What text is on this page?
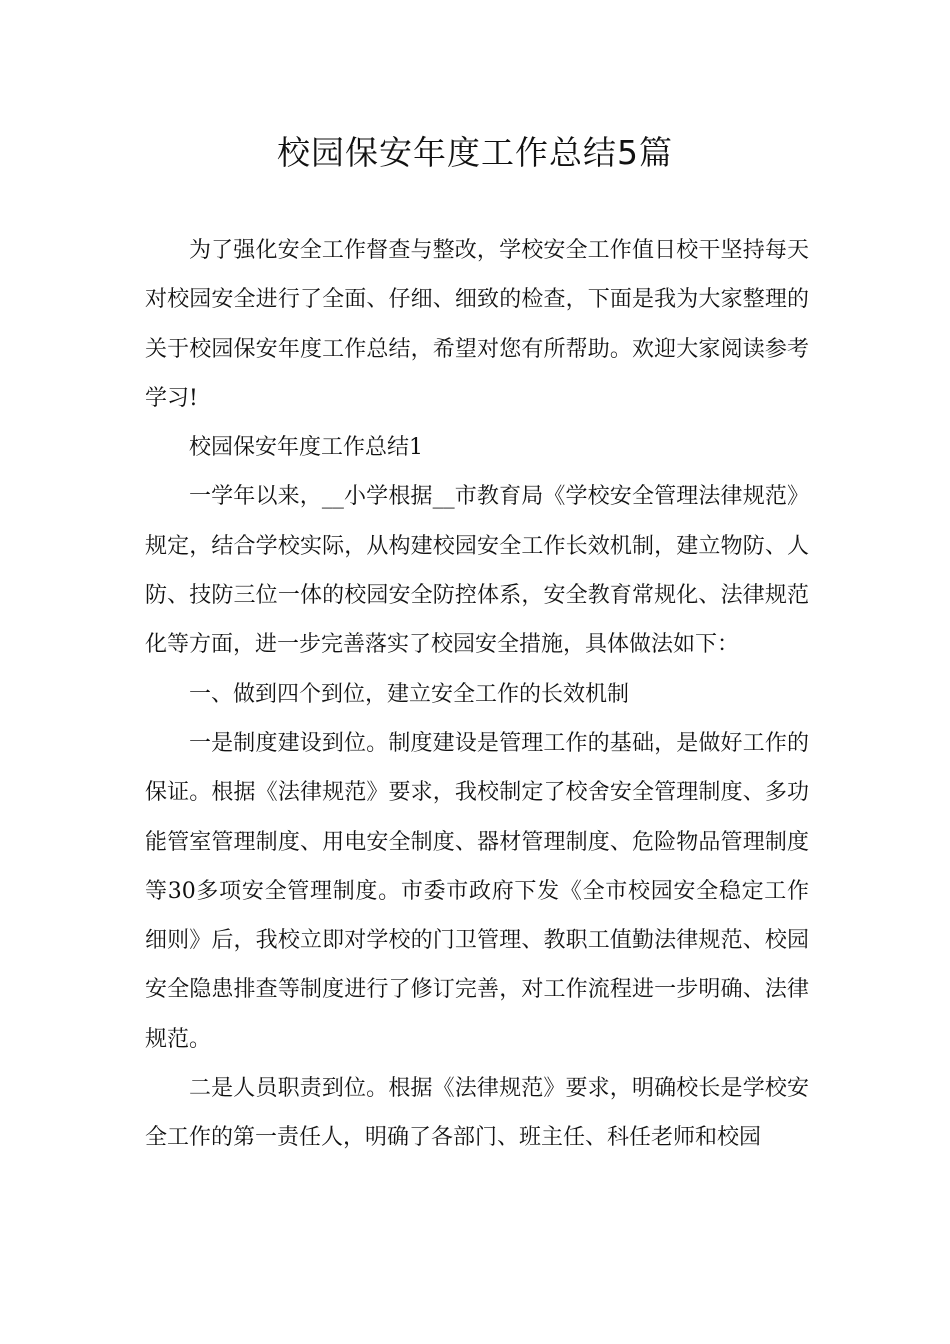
校园保安年度工作总结5篇

为了强化安全工作督查与整改，学校安全工作值日校干坚持每天对校园安全进行了全面、仔细、细致的检查，下面是我为大家整理的关于校园保安年度工作总结，希望对您有所帮助。欢迎大家阅读参考学习!

校园保安年度工作总结1

一学年以来，__小学根据__市教育局《学校安全管理法律规范》规定，结合学校实际，从构建校园安全工作长效机制，建立物防、人防、技防三位一体的校园安全防控体系，安全教育常规化、法律规范化等方面，进一步完善落实了校园安全措施，具体做法如下：

一、做到四个到位，建立安全工作的长效机制

一是制度建设到位。制度建设是管理工作的基础，是做好工作的保证。根据《法律规范》要求，我校制定了校舍安全管理制度、多功能管室管理制度、用电安全制度、器材管理制度、危险物品管理制度等30多项安全管理制度。市委市政府下发《全市校园安全稳定工作细则》后，我校立即对学校的门卫管理、教职工值勤法律规范、校园安全隐患排查等制度进行了修订完善，对工作流程进一步明确、法律规范。

二是人员职责到位。根据《法律规范》要求，明确校长是学校安全工作的第一责任人，明确了各部门、班主任、科任老师和校园
